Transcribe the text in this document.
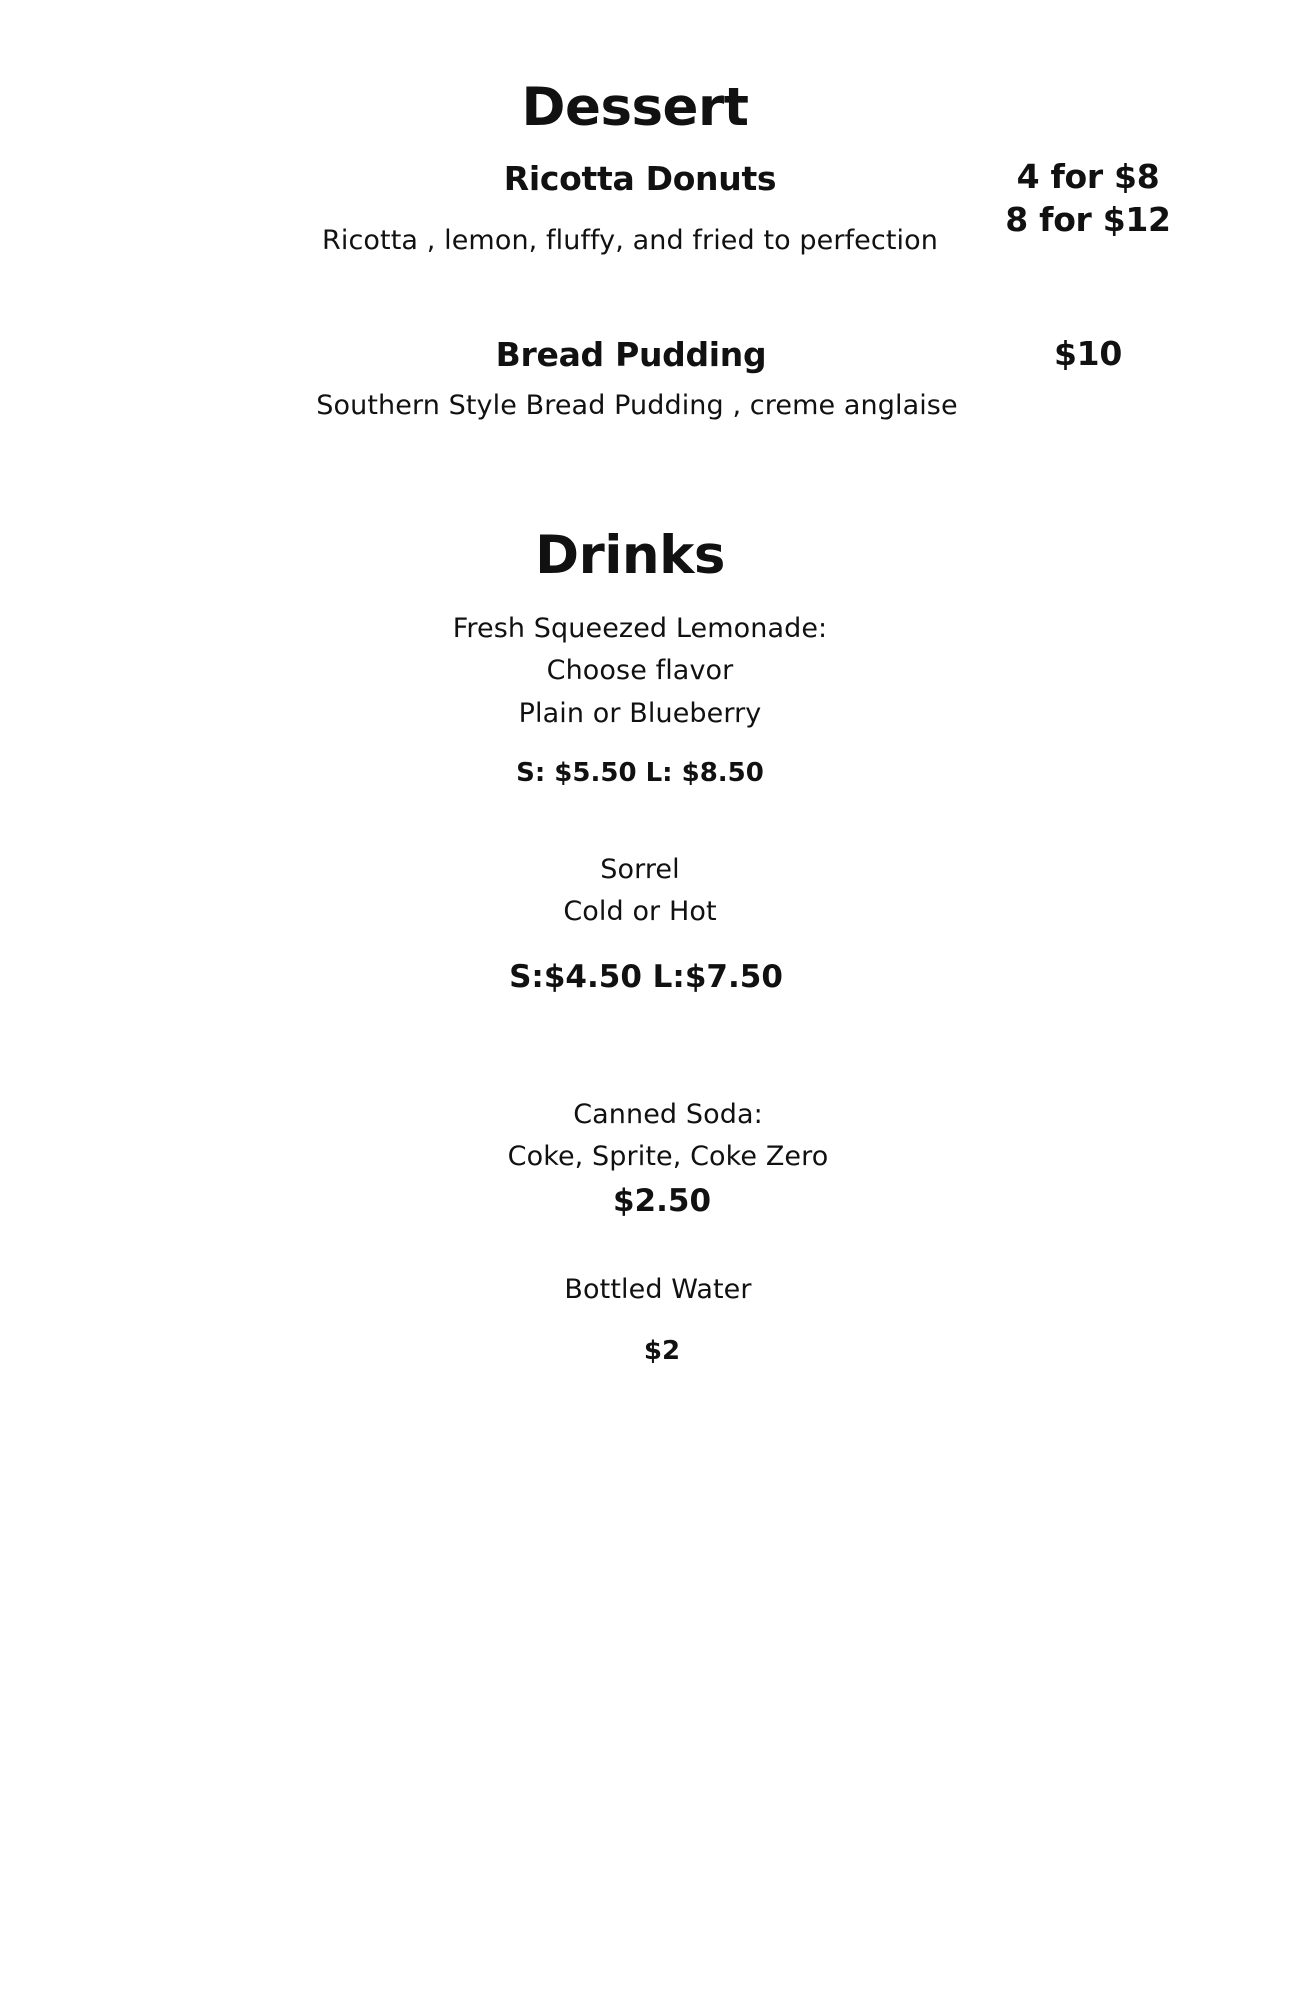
Dessert
Ricotta Donuts	4 for $8
8 for $12
Ricotta , lemon, fluffy, and fried to perfection
Bread Pudding	$10
Southern Style Bread Pudding , creme anglaise
Drinks
Fresh Squeezed Lemonade:
Choose flavor
Plain or Blueberry
S: $5.50 L: $8.50
Sorrel
Cold or Hot
S:$4.50 L:$7.50
Canned Soda:
Coke, Sprite, Coke Zero
$2.50
Bottled Water
$2
